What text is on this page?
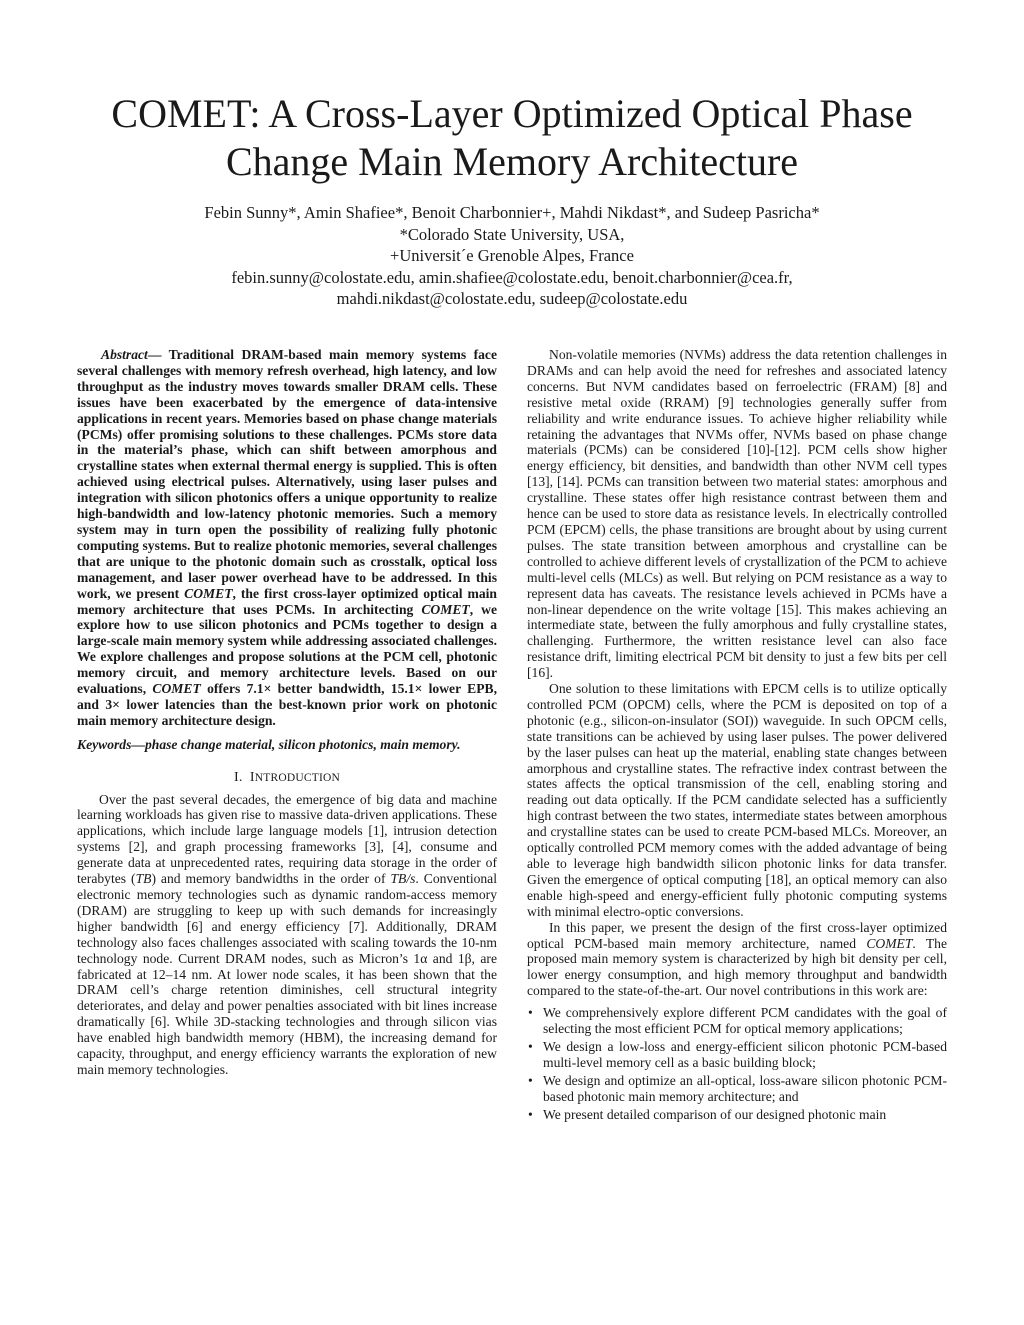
COMET: A Cross-Layer Optimized Optical Phase
Change Main Memory Architecture
Febin Sunny*, Amin Shafiee*, Benoit Charbonnier+, Mahdi Nikdast*, and Sudeep Pasricha*
*Colorado State University, USA,
+Universit´e Grenoble Alpes, France
febin.sunny@colostate.edu, amin.shafiee@colostate.edu, benoit.charbonnier@cea.fr,
mahdi.nikdast@colostate.edu, sudeep@colostate.edu

Abstract— Traditional DRAM-based main memory systems face several challenges with memory refresh overhead, high latency, and low throughput as the industry moves towards smaller DRAM cells. These issues have been exacerbated by the emergence of data-intensive applications in recent years. Memories based on phase change materials (PCMs) offer promising solutions to these challenges. PCMs store data in the material’s phase, which can shift between amorphous and crystalline states when external thermal energy is supplied. This is often achieved using electrical pulses. Alternatively, using laser pulses and integration with silicon photonics offers a unique opportunity to realize high-bandwidth and low-latency photonic memories. Such a memory system may in turn open the possibility of realizing fully photonic computing systems. But to realize photonic memories, several challenges that are unique to the photonic domain such as crosstalk, optical loss management, and laser power overhead have to be addressed. In this work, we present COMET, the first cross-layer optimized optical main memory architecture that uses PCMs. In architecting COMET, we explore how to use silicon photonics and PCMs together to design a large-scale main memory system while addressing associated challenges. We explore challenges and propose solutions at the PCM cell, photonic memory circuit, and memory architecture levels. Based on our evaluations, COMET offers 7.1× better bandwidth, 15.1× lower EPB, and 3× lower latencies than the best-known prior work on photonic main memory architecture design.

Keywords—phase change material, silicon photonics, main memory.

I. INTRODUCTION

Over the past several decades, the emergence of big data and machine learning workloads has given rise to massive data-driven applications. These applications, which include large language models [1], intrusion detection systems [2], and graph processing frameworks [3], [4], consume and generate data at unprecedented rates, requiring data storage in the order of terabytes (TB) and memory bandwidths in the order of TB/s. Conventional electronic memory technologies such as dynamic random-access memory (DRAM) are struggling to keep up with such demands for increasingly higher bandwidth [6] and energy efficiency [7]. Additionally, DRAM technology also faces challenges associated with scaling towards the 10-nm technology node. Current DRAM nodes, such as Micron’s 1α and 1β, are fabricated at 12–14 nm. At lower node scales, it has been shown that the DRAM cell’s charge retention diminishes, cell structural integrity deteriorates, and delay and power penalties associated with bit lines increase dramatically [6]. While 3D-stacking technologies and through silicon vias have enabled high bandwidth memory (HBM), the increasing demand for capacity, throughput, and energy efficiency warrants the exploration of new main memory technologies.

Non-volatile memories (NVMs) address the data retention challenges in DRAMs and can help avoid the need for refreshes and associated latency concerns. But NVM candidates based on ferroelectric (FRAM) [8] and resistive metal oxide (RRAM) [9] technologies generally suffer from reliability and write endurance issues. To achieve higher reliability while retaining the advantages that NVMs offer, NVMs based on phase change materials (PCMs) can be considered [10]-[12]. PCM cells show higher energy efficiency, bit densities, and bandwidth than other NVM cell types [13], [14]. PCMs can transition between two material states: amorphous and crystalline. These states offer high resistance contrast between them and hence can be used to store data as resistance levels. In electrically controlled PCM (EPCM) cells, the phase transitions are brought about by using current pulses. The state transition between amorphous and crystalline can be controlled to achieve different levels of crystallization of the PCM to achieve multi-level cells (MLCs) as well. But relying on PCM resistance as a way to represent data has caveats. The resistance levels achieved in PCMs have a non-linear dependence on the write voltage [15]. This makes achieving an intermediate state, between the fully amorphous and fully crystalline states, challenging. Furthermore, the written resistance level can also face resistance drift, limiting electrical PCM bit density to just a few bits per cell [16].

One solution to these limitations with EPCM cells is to utilize optically controlled PCM (OPCM) cells, where the PCM is deposited on top of a photonic (e.g., silicon-on-insulator (SOI)) waveguide. In such OPCM cells, state transitions can be achieved by using laser pulses. The power delivered by the laser pulses can heat up the material, enabling state changes between amorphous and crystalline states. The refractive index contrast between the states affects the optical transmission of the cell, enabling storing and reading out data optically. If the PCM candidate selected has a sufficiently high contrast between the two states, intermediate states between amorphous and crystalline states can be used to create PCM-based MLCs. Moreover, an optically controlled PCM memory comes with the added advantage of being able to leverage high bandwidth silicon photonic links for data transfer. Given the emergence of optical computing [18], an optical memory can also enable high-speed and energy-efficient fully photonic computing systems with minimal electro-optic conversions.

In this paper, we present the design of the first cross-layer optimized optical PCM-based main memory architecture, named COMET. The proposed main memory system is characterized by high bit density per cell, lower energy consumption, and high memory throughput and bandwidth compared to the state-of-the-art. Our novel contributions in this work are:

• We comprehensively explore different PCM candidates with the goal of selecting the most efficient PCM for optical memory applications;
• We design a low-loss and energy-efficient silicon photonic PCM-based multi-level memory cell as a basic building block;
• We design and optimize an all-optical, loss-aware silicon photonic PCM-based photonic main memory architecture; and
• We present detailed comparison of our designed photonic main
